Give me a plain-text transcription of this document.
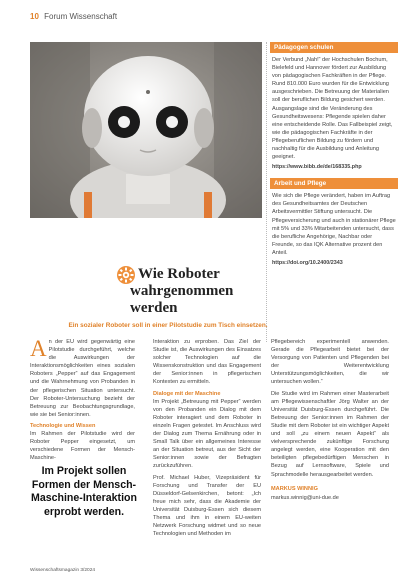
10 Forum Wissenschaft
Pädagogen schulen
Der Verbund „Nah!“ der Hochschulen Bochum, Bielefeld und Hannover fördert zur Ausbildung von pädagogischen Fachkräften in der Pflege. Rund 810.000 Euro wurden für die Entwicklung ausgeschrieben. Die Betreuung der Materialien soll der beruflichen Bildung gesichert werden. Ausgangslage sind die Veränderung des Gesundheitswesens: Pflegende spielen daher eine entscheidende Rolle. Das Fallbeispiel zeigt, wie die pädagogischen Fachkräfte in der Pflegeberuflichen Bildung zu fördern und nachhaltig für die Ausbildung und Anleitung geeignet.
https://www.bibb.de/de/168335.php
Arbeit und Pflege
Wie sich die Pflege verändert, haben im Auftrag des Gesundheitsamtes der Deutschen Arbeitsvermittler Stiftung untersucht. Die Pflegeversicherung und auch in stationärer Pflege mit 5% und 33% Mitarbeitenden untersucht, dass die berufliche Angehörige, Nachbar oder Freunde, so das IQK Alternative prozent den Anteil.
https://doi.org/10.2400/2343
Wie Roboter
wahrgenommen werden
Ein sozialer Roboter soll in einer Pilotstudie zum Tisch einsetzen.

An der EU wird gegenwärtig eine Pilotstudie durchgeführt, welche die Auswirkungen der Interaktionsmöglichkeiten eines sozialen Roboters „Pepper“ auf das Engagement und die Wahrnehmung von Probanden in der pflegerischen Situation untersucht. Der Roboter-Untersuchung bezieht der Betreuung zur Beobachtungsgrundlage, wie sie bei Senior:innen.

Technologie und Wissen

Im Rahmen der Pilotstudie wird der Roboter Pepper eingesetzt, um verschiedene Formen der Mensch-Maschine-

Im Projekt sollen Formen der Mensch-Maschine-Interaktion erprobt werden.

Interaktion zu erproben. Das Ziel der Studie ist, die Auswirkungen des Einsatzes solcher Technologien auf die Wissenskonstruktion und das Engagement der Senior:innen in pflegerischen Kontexten zu ermitteln.

Dialoge mit der Maschine

Im Projekt „Betreuung mit Pepper“ werden von den Probanden ein Dialog mit dem Roboter interagiert und dem Roboter in einzeln Fragen getestet. Im Anschluss wird der Dialog zum Thema Ernährung oder in Small Talk über ein allgemeines Interesse an der Situation betreut, aus der Sicht der Senior:innen sowie der Befragten zurückzuführen.

Prof. Michael Huber, Vizepräsident für Forschung und Transfer der EU Düsseldorf-Gelsenkirchen, betont: „Ich freue mich sehr, dass die Akademie der Universität Duisburg-Essen sich diesem Thema und ihm in einem EU-weiten Netzwerk Forschung widmet und so neue Technologien und Methoden im

Pflegebereich experimentell anwenden. Gerade die Pflegearbeit bietet bei der Versorgung von Patienten und Pflegenden bei der Weiterentwicklung Unterstützungsmöglichkeiten, die wir untersuchen wollen.“

Die Studie wird im Rahmen einer Masterarbeit am Pflegewissenschaftler Jörg Walter an der Universität Duisburg-Essen durchgeführt. Die Betreuung der Senior:innen im Rahmen der Studie mit dem Roboter ist ein wichtiger Aspekt und soll „zu einem neuen Aspekt“ als vielversprechende zukünftige Forschung angelegt werden, eine Kooperation mit den beteiligten pflegebedürftigen Menschen in Bezug auf Lernsoftware, Spiele und Sprachmodelle herausgearbeitet werden.

MARKUS WINNIG
markus.winnig@uni-due.de
Wissenschaftsmagazin 3/2024
